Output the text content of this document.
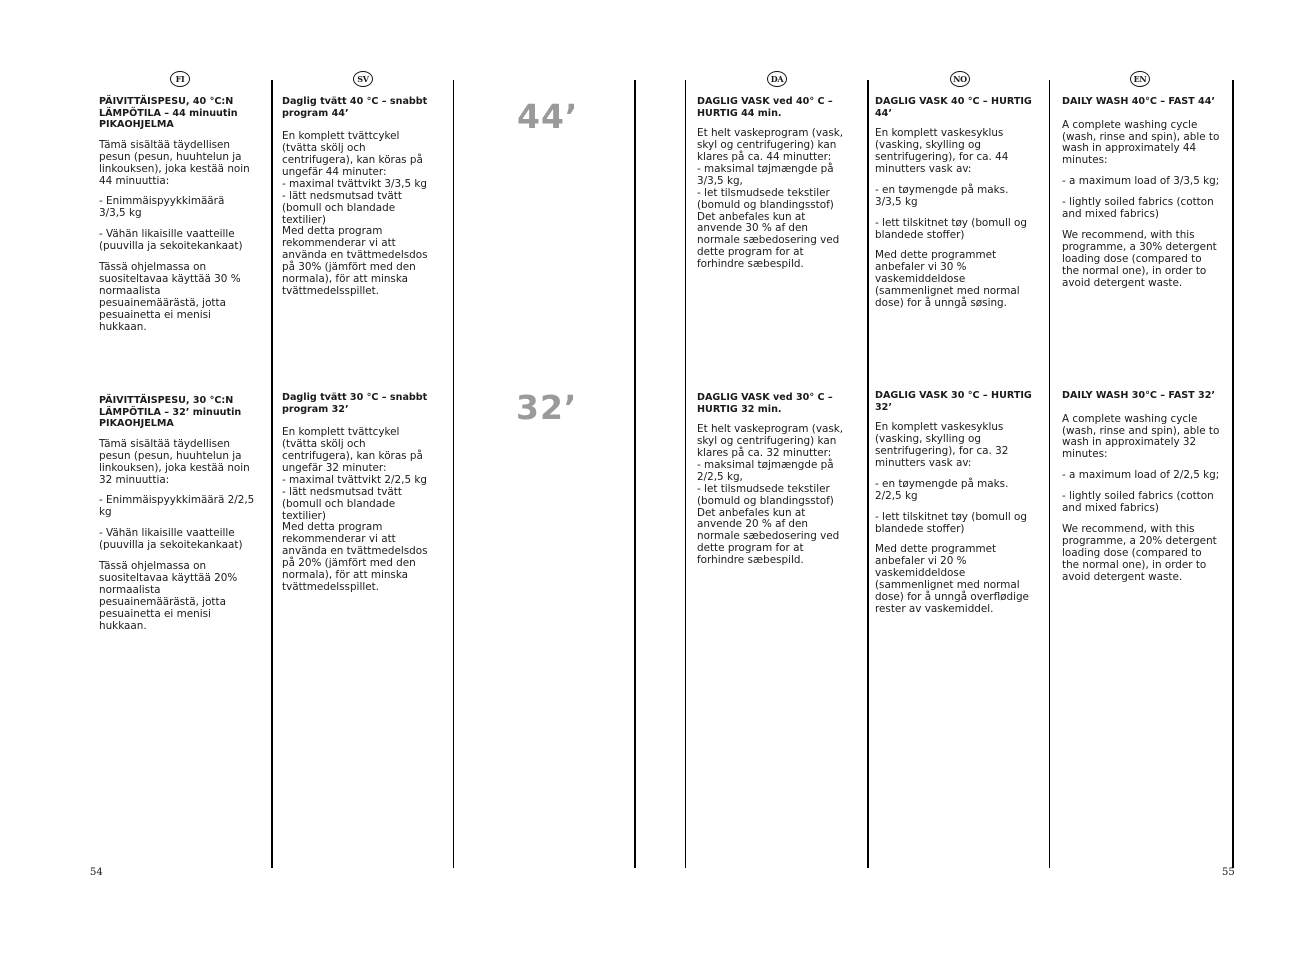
FI	SV	DA	NO	EN
44’
32’
PÄIVITTÄISPESU, 40 °C:N
LÄMPÖTILA – 44 minuutin
PIKAOHJELMA

Tämä sisältää täydellisen
pesun (pesun, huuhtelun ja
linkouksen), joka kestää noin
44 minuuttia:

- Enimmäispyykkimäärä
3/3,5 kg

- Vähän likaisille vaatteille
(puuvilla ja sekoitekankaat)

Tässä ohjelmassa on
suositeltavaa käyttää 30 %
normaalista
pesuainemäärästä, jotta
pesuainetta ei menisi
hukkaan.

PÄIVITTÄISPESU, 30 °C:N
LÄMPÖTILA – 32’ minuutin
PIKAOHJELMA

Tämä sisältää täydellisen
pesun (pesun, huuhtelun ja
linkouksen), joka kestää noin
32 minuuttia:

- Enimmäispyykkimäärä 2/2,5
kg

- Vähän likaisille vaatteille
(puuvilla ja sekoitekankaat)

Tässä ohjelmassa on
suositeltavaa käyttää 20%
normaalista
pesuainemäärästä, jotta
pesuainetta ei menisi
hukkaan.

Daglig tvätt 40 °C – snabbt
program 44’

En komplett tvättcykel
(tvätta skölj och
centrifugera), kan köras på
ungefär 44 minuter:
- maximal tvättvikt 3/3,5 kg
- lätt nedsmutsad tvätt
(bomull och blandade
textilier)
Med detta program
rekommenderar vi att
använda en tvättmedelsdos
på 30% (jämfört med den
normala), för att minska
tvättmedelsspillet.

Daglig tvätt 30 °C – snabbt
program 32’

En komplett tvättcykel
(tvätta skölj och
centrifugera), kan köras på
ungefär 32 minuter:
- maximal tvättvikt 2/2,5 kg
- lätt nedsmutsad tvätt
(bomull och blandade
textilier)
Med detta program
rekommenderar vi att
använda en tvättmedelsdos
på 20% (jämfört med den
normala), för att minska
tvättmedelsspillet.

DAGLIG VASK ved 40° C –
HURTIG 44 min.

Et helt vaskeprogram (vask,
skyl og centrifugering) kan
klares på ca. 44 minutter:
- maksimal tøjmængde på
3/3,5 kg,
- let tilsmudsede tekstiler
(bomuld og blandingsstof)
Det anbefales kun at
anvende 30 % af den
normale sæbedosering ved
dette program for at
forhindre sæbespild.

DAGLIG VASK ved 30° C –
HURTIG 32 min.

Et helt vaskeprogram (vask,
skyl og centrifugering) kan
klares på ca. 32 minutter:
- maksimal tøjmængde på
2/2,5 kg,
- let tilsmudsede tekstiler
(bomuld og blandingsstof)
Det anbefales kun at
anvende 20 % af den
normale sæbedosering ved
dette program for at
forhindre sæbespild.

DAGLIG VASK 40 °C – HURTIG
44’

En komplett vaskesyklus
(vasking, skylling og
sentrifugering), for ca. 44
minutters vask av:

- en tøymengde på maks.
3/3,5 kg

- lett tilskitnet tøy (bomull og
blandede stoffer)

Med dette programmet
anbefaler vi 30 %
vaskemiddeldose
(sammenlignet med normal
dose) for å unngå søsing.

DAGLIG VASK 30 °C – HURTIG
32’

En komplett vaskesyklus
(vasking, skylling og
sentrifugering), for ca. 32
minutters vask av:

- en tøymengde på maks.
2/2,5 kg

- lett tilskitnet tøy (bomull og
blandede stoffer)

Med dette programmet
anbefaler vi 20 %
vaskemiddeldose
(sammenlignet med normal
dose) for å unngå overflødige
rester av vaskemiddel.

DAILY WASH 40°C – FAST 44’

A complete washing cycle
(wash, rinse and spin), able to
wash in approximately 44
minutes:

- a maximum load of 3/3,5 kg;

- lightly soiled fabrics (cotton
and mixed fabrics)

We recommend, with this
programme, a 30% detergent
loading dose (compared to
the normal one), in order to
avoid detergent waste.

DAILY WASH 30°C – FAST 32’

A complete washing cycle
(wash, rinse and spin), able to
wash in approximately 32
minutes:

- a maximum load of 2/2,5 kg;

- lightly soiled fabrics (cotton
and mixed fabrics)

We recommend, with this
programme, a 20% detergent
loading dose (compared to
the normal one), in order to
avoid detergent waste.

54	55
